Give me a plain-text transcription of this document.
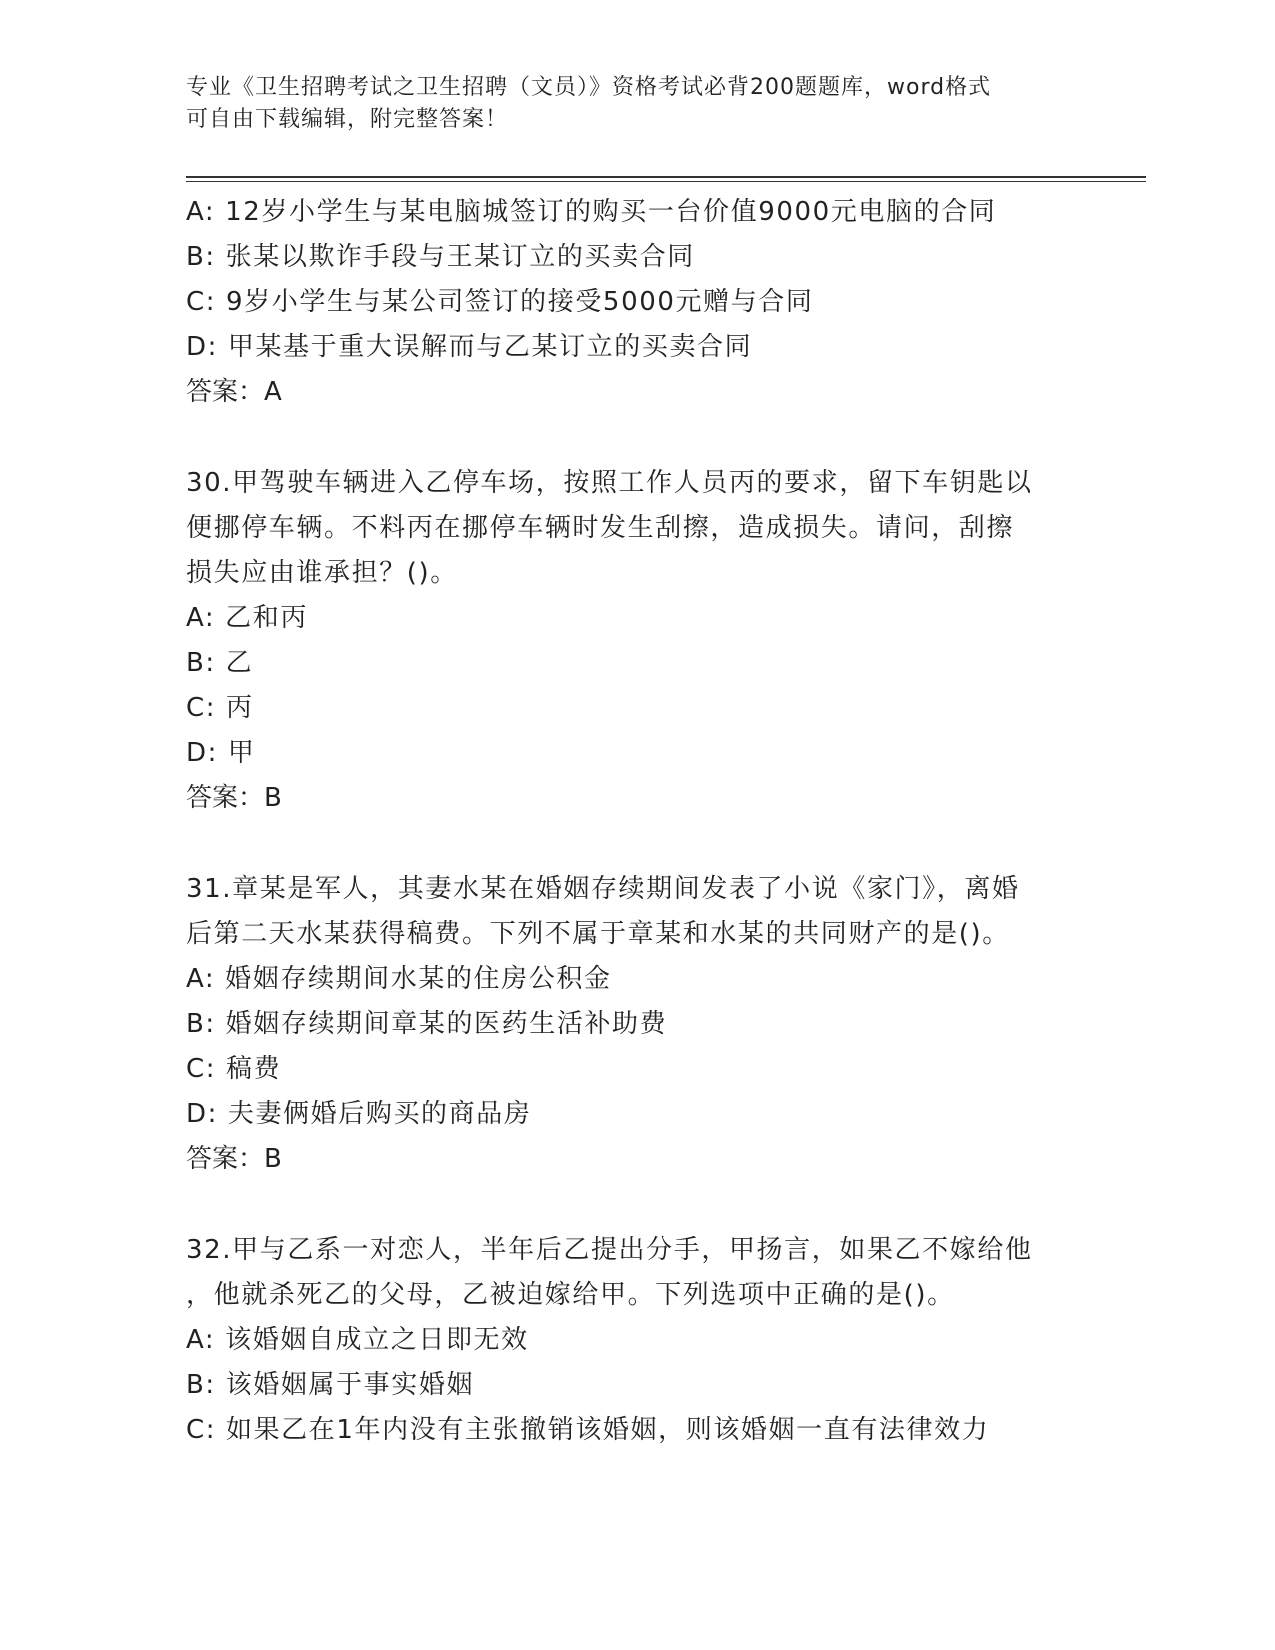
专业《卫生招聘考试之卫生招聘（文员）》资格考试必背200题题库，word格式
可自由下载编辑，附完整答案！
A: 12岁小学生与某电脑城签订的购买一台价值9000元电脑的合同
B: 张某以欺诈手段与王某订立的买卖合同
C: 9岁小学生与某公司签订的接受5000元赠与合同
D: 甲某基于重大误解而与乙某订立的买卖合同
答案：A
30.甲驾驶车辆进入乙停车场，按照工作人员丙的要求，留下车钥匙以
便挪停车辆。不料丙在挪停车辆时发生刮擦，造成损失。请问，刮擦
损失应由谁承担？()。
A: 乙和丙
B: 乙
C: 丙
D: 甲
答案：B
31.章某是军人，其妻水某在婚姻存续期间发表了小说《家门》，离婚
后第二天水某获得稿费。下列不属于章某和水某的共同财产的是()。
A: 婚姻存续期间水某的住房公积金
B: 婚姻存续期间章某的医药生活补助费
C: 稿费
D: 夫妻俩婚后购买的商品房
答案：B
32.甲与乙系一对恋人，半年后乙提出分手，甲扬言，如果乙不嫁给他
，他就杀死乙的父母，乙被迫嫁给甲。下列选项中正确的是()。
A: 该婚姻自成立之日即无效
B: 该婚姻属于事实婚姻
C: 如果乙在1年内没有主张撤销该婚姻，则该婚姻一直有法律效力
